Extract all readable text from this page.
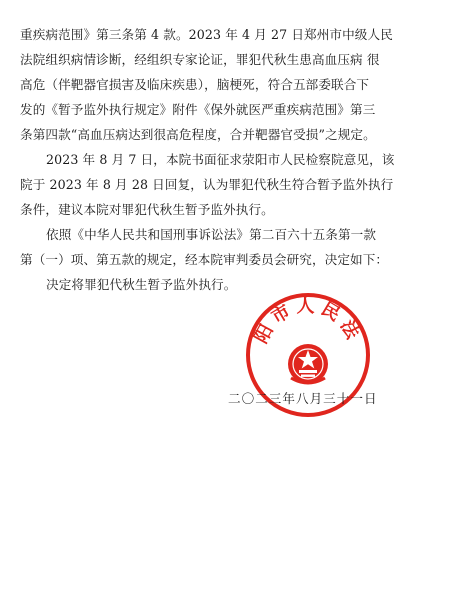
重疾病范围》第三条第 4 款。2023 年 4 月 27 日郑州市中级人民
法院组织病情诊断，经组织专家论证，罪犯代秋生患高血压病 很
高危（伴靶器官损害及临床疾患），脑梗死，符合五部委联合下
发的《暂予监外执行规定》附件《保外就医严重疾病范围》第三
条第四款“高血压病达到很高危程度，合并靶器官受损”之规定。
2023 年 8 月 7 日，本院书面征求荥阳市人民检察院意见，该
院于 2023 年 8 月 28 日回复，认为罪犯代秋生符合暂予监外执行
条件，建议本院对罪犯代秋生暂予监外执行。
依照《中华人民共和国刑事诉讼法》第二百六十五条第一款
第（一）项、第五款的规定，经本院审判委员会研究，决定如下：
决定将罪犯代秋生暂予监外执行。
阳市人民法
二〇二三年八月三十一日
